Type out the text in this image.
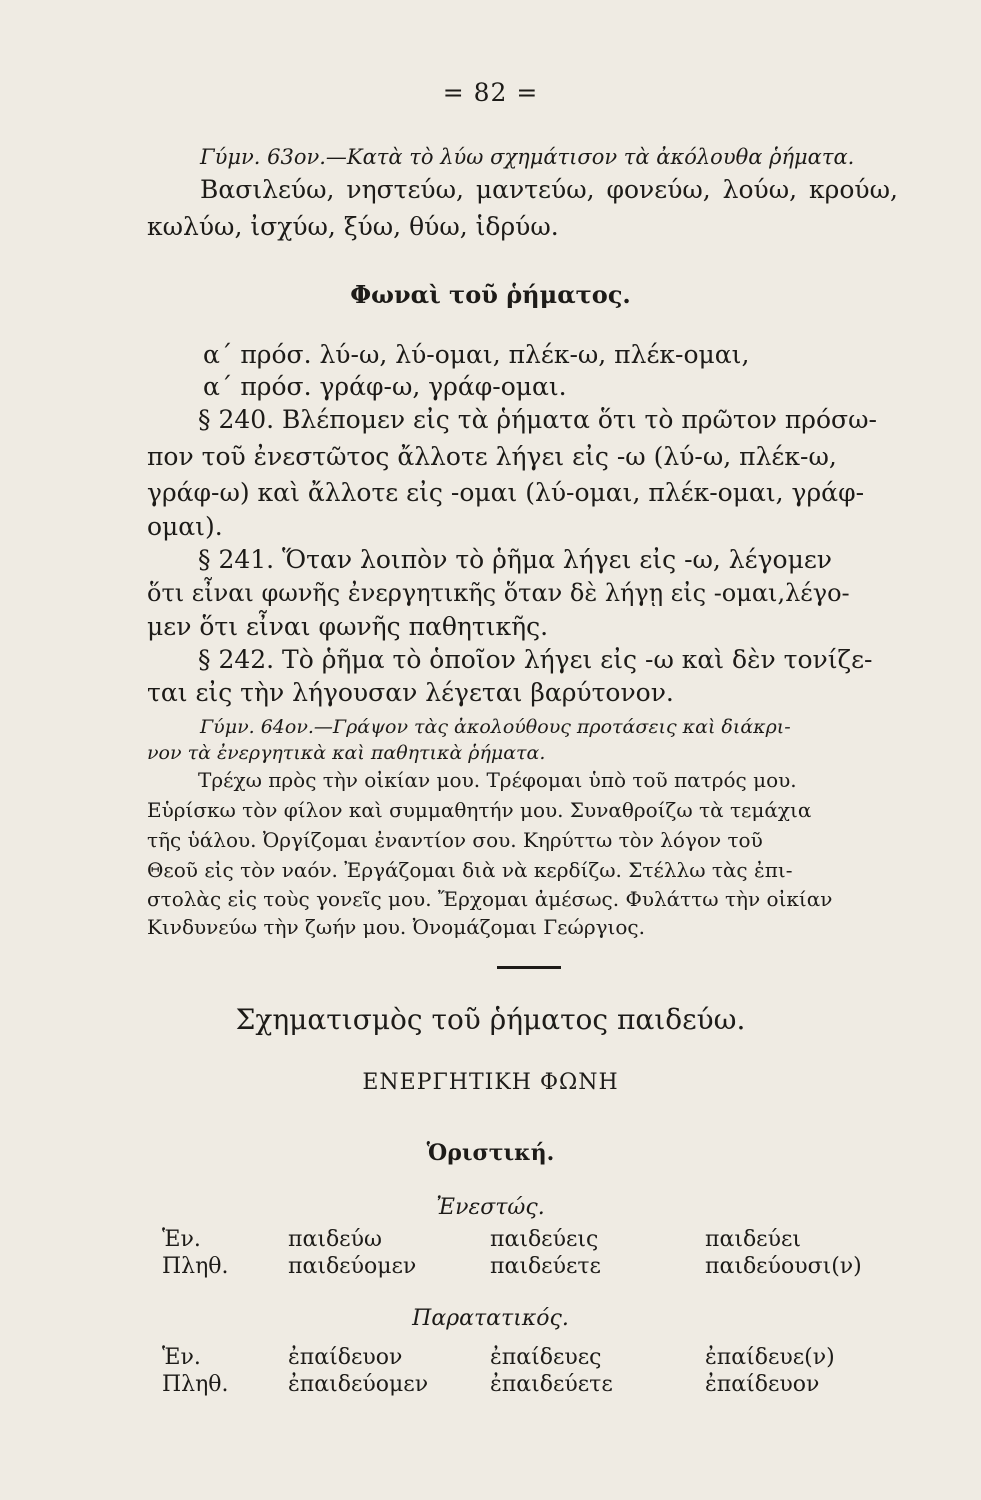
= 82 =
Γύμν. 63ον.—Κατὰ τὸ λύω σχημάτισον τὰ ἀκόλουθα ῥήματα.
Βασιλεύω, νηστεύω, μαντεύω, φονεύω, λούω, κρούω,
κωλύω, ἰσχύω, ξύω, θύω, ἱδρύω.
Φωναὶ τοῦ ῥήματος.
α΄ πρόσ. λύ-ω, λύ-ομαι, πλέκ-ω, πλέκ-ομαι,
α΄ πρόσ. γράφ-ω, γράφ-ομαι.
§ 240. Βλέπομεν εἰς τὰ ῥήματα ὅτι τὸ πρῶτον πρόσω-
πον τοῦ ἐνεστῶτος ἄλλοτε λήγει εἰς -ω (λύ-ω, πλέκ-ω,
γράφ-ω) καὶ ἄλλοτε εἰς -ομαι (λύ-ομαι, πλέκ-ομαι, γράφ-
ομαι).
§ 241. Ὅταν λοιπὸν τὸ ῥῆμα λήγει εἰς -ω, λέγομεν
ὅτι εἶναι φωνῆς ἐνεργητικῆς ὅταν δὲ λήγῃ εἰς -ομαι,λέγο-
μεν ὅτι εἶναι φωνῆς παθητικῆς.
§ 242. Τὸ ῥῆμα τὸ ὁποῖον λήγει εἰς -ω καὶ δὲν τονίζε-
ται εἰς τὴν λήγουσαν λέγεται βαρύτονον.
Γύμν. 64ον.—Γράψον τὰς ἀκολούθους προτάσεις καὶ διάκρι-
νον τὰ ἐνεργητικὰ καὶ παθητικὰ ῥήματα.
Τρέχω πρὸς τὴν οἰκίαν μου. Τρέφομαι ὑπὸ τοῦ πατρός μου.
Εὑρίσκω τὸν φίλον καὶ συμμαθητήν μου. Συναθροίζω τὰ τεμάχια
τῆς ὑάλου. Ὀργίζομαι ἐναντίον σου. Κηρύττω τὸν λόγον τοῦ
Θεοῦ εἰς τὸν ναόν. Ἐργάζομαι διὰ νὰ κερδίζω. Στέλλω τὰς ἐπι-
στολὰς εἰς τοὺς γονεῖς μου. Ἔρχομαι ἀμέσως. Φυλάττω τὴν οἰκίαν
Κινδυνεύω τὴν ζωήν μου. Ὀνομάζομαι Γεώργιος.
Σχηματισμὸς τοῦ ῥήματος παιδεύω.
ΕΝΕΡΓΗΤΙΚΗ ΦΩΝΗ
Ὁριστική.
Ἐνεστώς.
Ἑν.	παιδεύω	παιδεύεις	παιδεύει
Πληθ.	παιδεύομεν	παιδεύετε	παιδεύουσι(ν)
Παρατατικός.
Ἑν.	ἐπαίδευον	ἐπαίδευες	ἐπαίδευε(ν)
Πληθ.	ἐπαιδεύομεν	ἐπαιδεύετε	ἐπαίδευον
